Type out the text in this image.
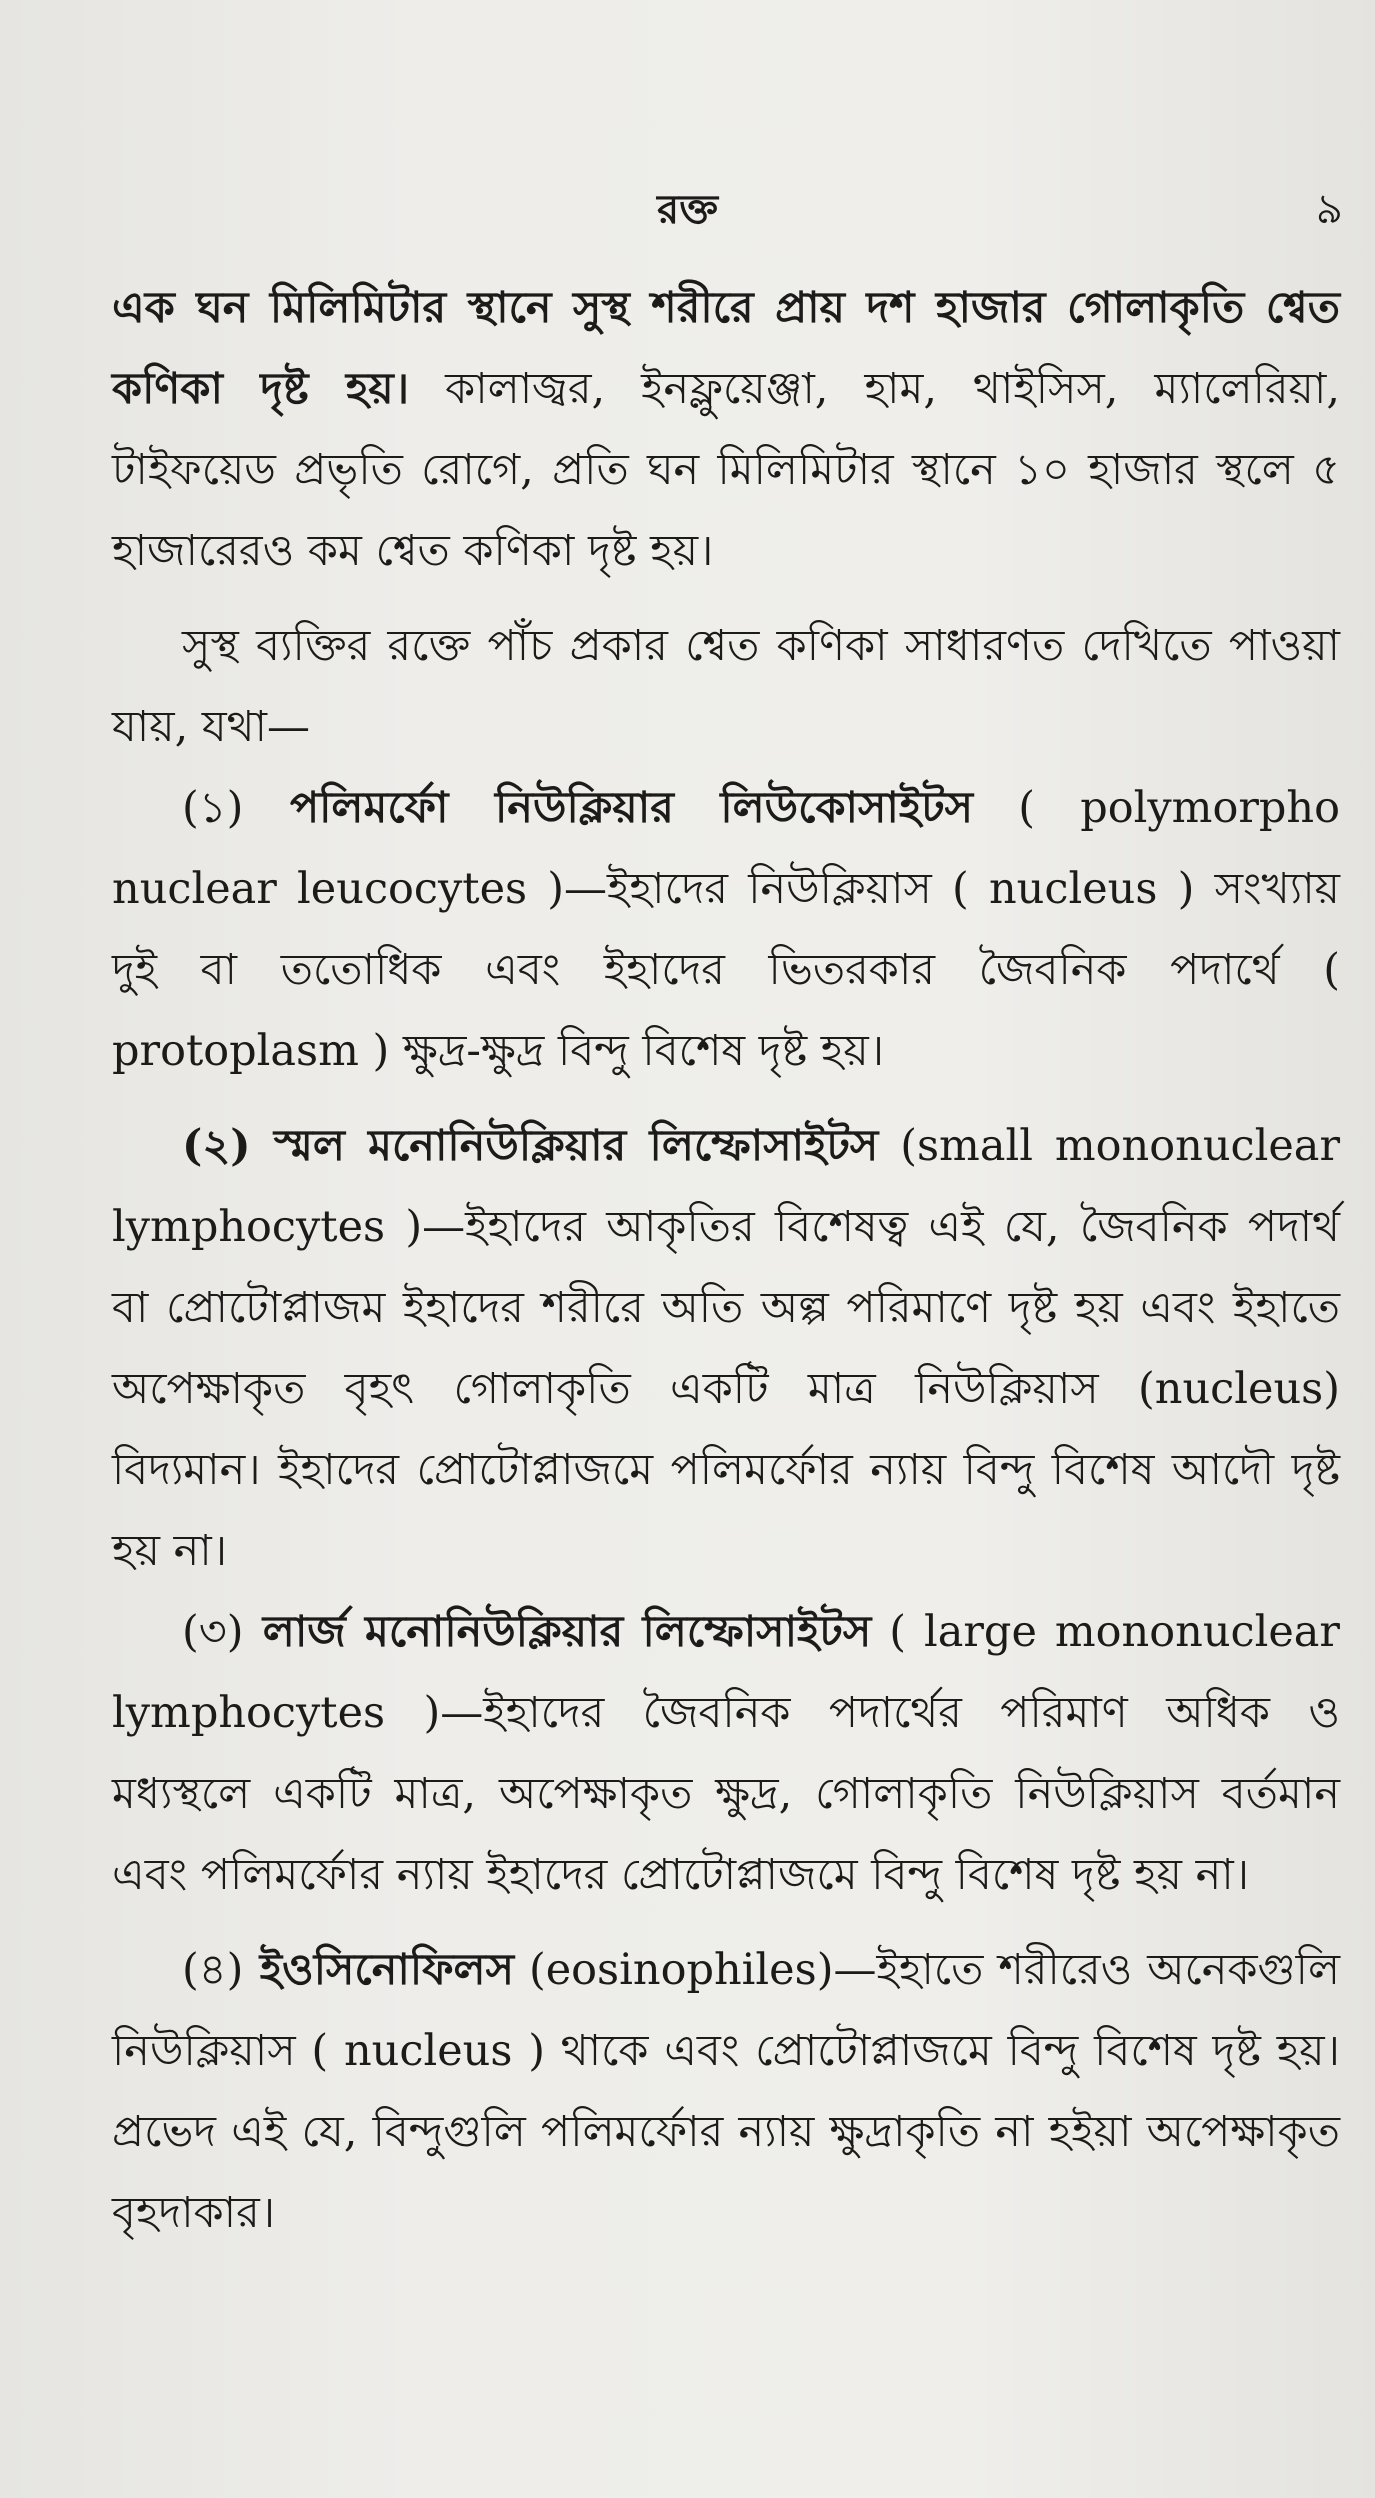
রক্ত	৯

এক ঘন মিলিমিটার স্থানে সুস্থ শরীরে প্রায় দশ হাজার গোলাকৃতি শ্বেত কণিকা দৃষ্ট হয়। কালাজ্বর, ইনফ্লুয়েঞ্জা, হাম, থাইসিস, ম্যালেরিয়া, টাইফয়েড প্রভৃতি রোগে, প্রতি ঘন মিলিমিটার স্থানে ১০ হাজার স্থলে ৫ হাজারেরও কম শ্বেত কণিকা দৃষ্ট হয়।

সুস্থ ব্যক্তির রক্তে পাঁচ প্রকার শ্বেত কণিকা সাধারণত দেখিতে পাওয়া যায়, যথা—

(১) পলিমর্ফো নিউক্লিয়ার লিউকোসাইটস ( polymorpho nuclear leucocytes )—ইহাদের নিউক্লিয়াস ( nucleus ) সংখ্যায় দুই বা ততোধিক এবং ইহাদের ভিতরকার জৈবনিক পদার্থে ( protoplasm ) ক্ষুদ্র-ক্ষুদ্র বিন্দু বিশেষ দৃষ্ট হয়।

(২) স্মল মনোনিউক্লিয়ার লিম্ফোসাইটস (small mononuclear lymphocytes )—ইহাদের আকৃতির বিশেষত্ব এই যে, জৈবনিক পদার্থ বা প্রোটোপ্লাজম ইহাদের শরীরে অতি অল্প পরিমাণে দৃষ্ট হয় এবং ইহাতে অপেক্ষাকৃত বৃহৎ গোলাকৃতি একটি মাত্র নিউক্লিয়াস (nucleus) বিদ্যমান। ইহাদের প্রোটোপ্লাজমে পলিমর্ফোর ন্যায় বিন্দু বিশেষ আদৌ দৃষ্ট হয় না।

(৩) লার্জ মনোনিউক্লিয়ার লিম্ফোসাইটস ( large mononuclear lymphocytes )—ইহাদের জৈবনিক পদার্থের পরিমাণ অধিক ও মধ্যস্থলে একটি মাত্র, অপেক্ষাকৃত ক্ষুদ্র, গোলাকৃতি নিউক্লিয়াস বর্তমান এবং পলিমর্ফোর ন্যায় ইহাদের প্রোটোপ্লাজমে বিন্দু বিশেষ দৃষ্ট হয় না।

(৪) ইওসিনোফিলস (eosinophiles)—ইহাতে শরীরেও অনেকগুলি নিউক্লিয়াস ( nucleus ) থাকে এবং প্রোটোপ্লাজমে বিন্দু বিশেষ দৃষ্ট হয়। প্রভেদ এই যে, বিন্দুগুলি পলিমর্ফোর ন্যায় ক্ষুদ্রাকৃতি না হইয়া অপেক্ষাকৃত বৃহদাকার।
